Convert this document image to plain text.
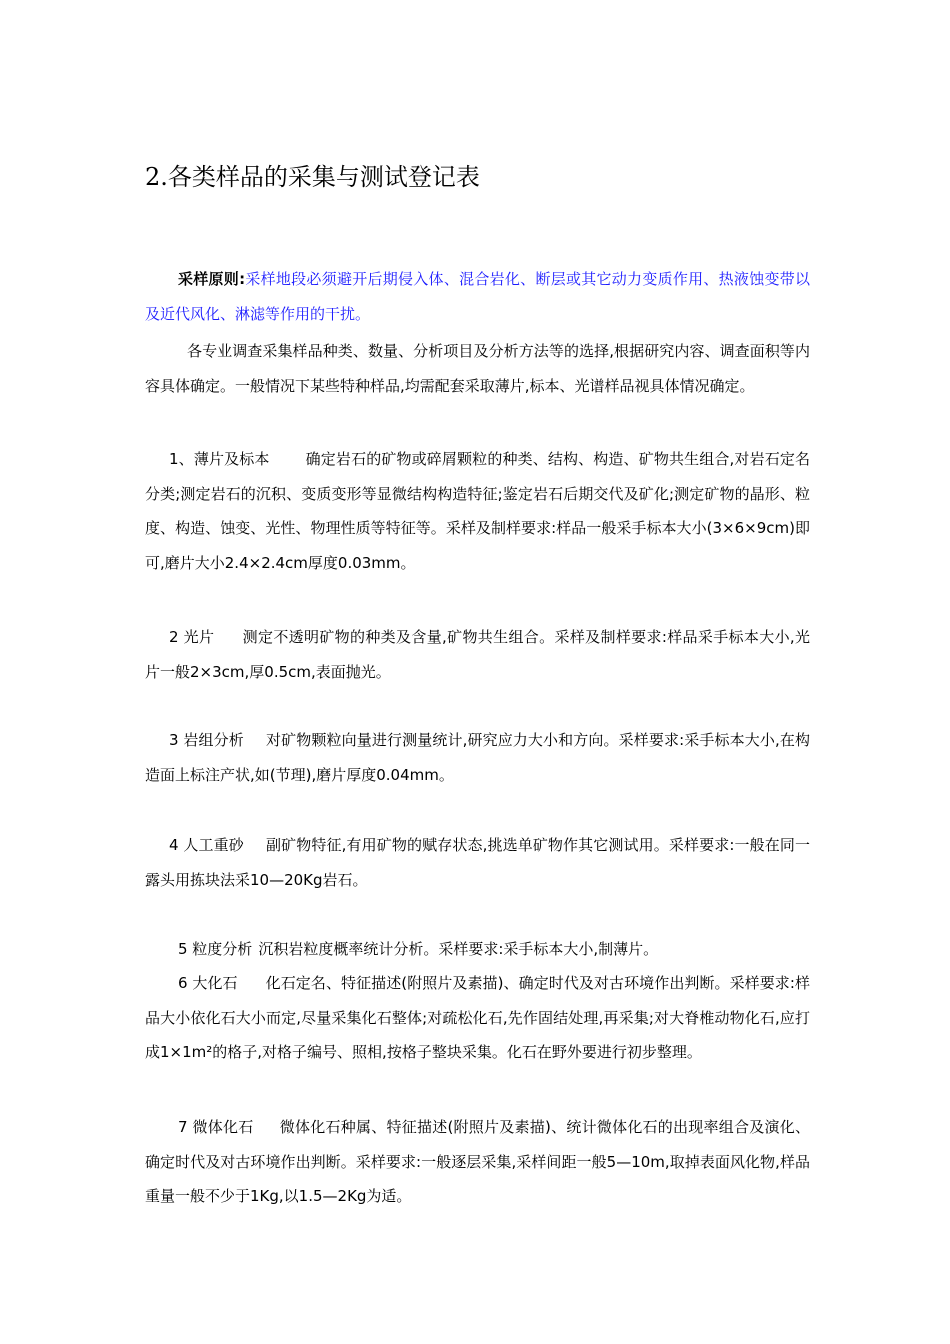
2.各类样品的采集与测试登记表
采样原则:采样地段必须避开后期侵入体、混合岩化、断层或其它动力变质作用、热液蚀变带以及近代风化、淋滤等作用的干扰。
各专业调查采集样品种类、数量、分析项目及分析方法等的选择,根据研究内容、调查面积等内容具体确定。一般情况下某些特种样品,均需配套采取薄片,标本、光谱样品视具体情况确定。
1、薄片及标本 确定岩石的矿物或碎屑颗粒的种类、结构、构造、矿物共生组合,对岩石定名分类;测定岩石的沉积、变质变形等显微结构构造特征;鉴定岩石后期交代及矿化;测定矿物的晶形、粒度、构造、蚀变、光性、物理性质等特征等。采样及制样要求:样品一般采手标本大小(3×6×9cm)即可,磨片大小2.4×2.4cm厚度0.03mm。
2 光片 测定不透明矿物的种类及含量,矿物共生组合。采样及制样要求:样品采手标本大小,光片一般2×3cm,厚0.5cm,表面抛光。
3 岩组分析 对矿物颗粒向量进行测量统计,研究应力大小和方向。采样要求:采手标本大小,在构造面上标注产状,如(节理),磨片厚度0.04mm。
4 人工重砂 副矿物特征,有用矿物的赋存状态,挑选单矿物作其它测试用。采样要求:一般在同一露头用拣块法采10—20Kg岩石。
5 粒度分析 沉积岩粒度概率统计分析。采样要求:采手标本大小,制薄片。
6 大化石 化石定名、特征描述(附照片及素描)、确定时代及对古环境作出判断。采样要求:样品大小依化石大小而定,尽量采集化石整体;对疏松化石,先作固结处理,再采集;对大脊椎动物化石,应打成1×1m²的格子,对格子编号、照相,按格子整块采集。化石在野外要进行初步整理。
7 微体化石 微体化石种属、特征描述(附照片及素描)、统计微体化石的出现率组合及演化、确定时代及对古环境作出判断。采样要求:一般逐层采集,采样间距一般5—10m,取掉表面风化物,样品重量一般不少于1Kg,以1.5—2Kg为适。
